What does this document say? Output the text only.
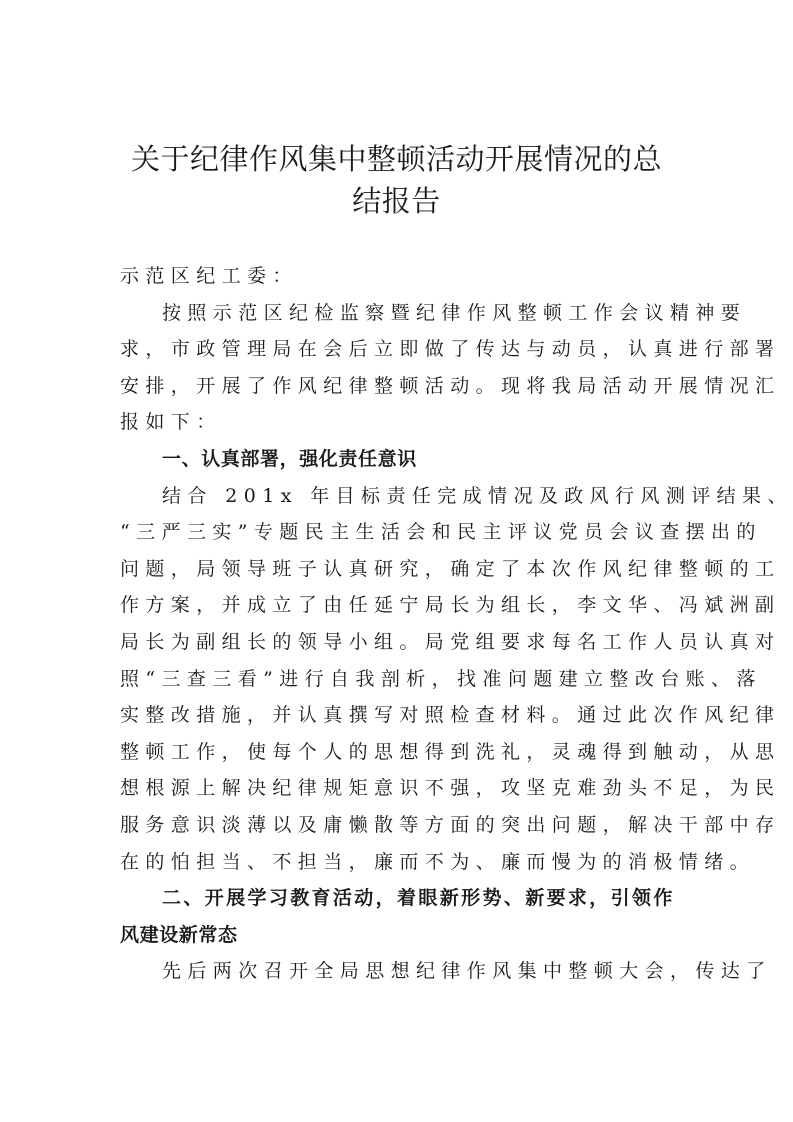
关于纪律作风集中整顿活动开展情况的总
结报告
示范区纪工委：
按照示范区纪检监察暨纪律作风整顿工作会议精神要
求，市政管理局在会后立即做了传达与动员，认真进行部署
安排，开展了作风纪律整顿活动。现将我局活动开展情况汇
报如下：
一、认真部署，强化责任意识
结合 201x 年目标责任完成情况及政风行风测评结果、
“三严三实”专题民主生活会和民主评议党员会议查摆出的
问题，局领导班子认真研究，确定了本次作风纪律整顿的工
作方案，并成立了由任延宁局长为组长，李文华、冯斌洲副
局长为副组长的领导小组。局党组要求每名工作人员认真对
照“三查三看”进行自我剖析，找准问题建立整改台账、落
实整改措施，并认真撰写对照检查材料。通过此次作风纪律
整顿工作，使每个人的思想得到洗礼，灵魂得到触动，从思
想根源上解决纪律规矩意识不强，攻坚克难劲头不足，为民
服务意识淡薄以及庸懒散等方面的突出问题，解决干部中存
在的怕担当、不担当，廉而不为、廉而慢为的消极情绪。
二、开展学习教育活动，着眼新形势、新要求，引领作
风建设新常态
先后两次召开全局思想纪律作风集中整顿大会，传达了
